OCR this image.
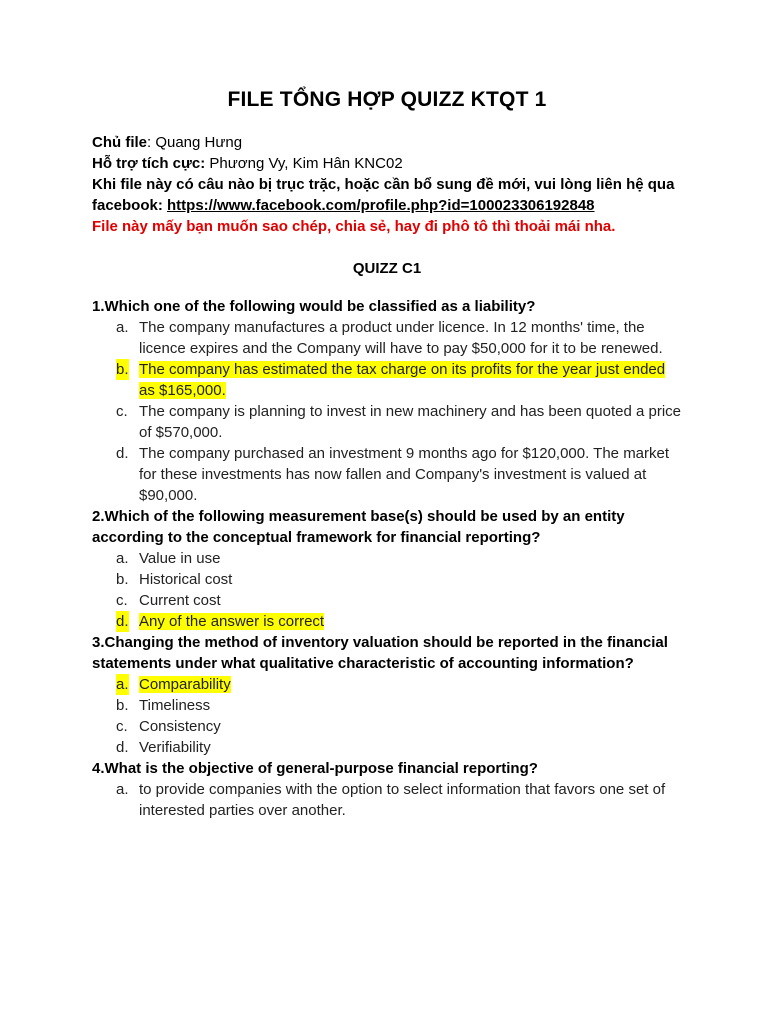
FILE TỔNG HỢP QUIZZ KTQT 1

Chủ file: Quang Hưng

Hỗ trợ tích cực: Phương Vy, Kim Hân KNC02

Khi file này có câu nào bị trục trặc, hoặc cần bổ sung đề mới, vui lòng liên hệ qua facebook: https://www.facebook.com/profile.php?id=100023306192848

File này mấy bạn muốn sao chép, chia sẻ, hay đi phô tô thì thoải mái nha.

QUIZZ C1

1.Which one of the following would be classified as a liability?

a. The company manufactures a product under licence. In 12 months' time, the licence expires and the Company will have to pay $50,000 for it to be renewed.
b. The company has estimated the tax charge on its profits for the year just ended as $165,000.
c. The company is planning to invest in new machinery and has been quoted a price of $570,000.
d. The company purchased an investment 9 months ago for $120,000. The market for these investments has now fallen and Company's investment is valued at $90,000.

2.Which of the following measurement base(s) should be used by an entity according to the conceptual framework for financial reporting?

a. Value in use
b. Historical cost
c. Current cost
d. Any of the answer is correct

3.Changing the method of inventory valuation should be reported in the financial statements under what qualitative characteristic of accounting information?

a. Comparability
b. Timeliness
c. Consistency
d. Verifiability

4.What is the objective of general-purpose financial reporting?

a. to provide companies with the option to select information that favors one set of interested parties over another.
